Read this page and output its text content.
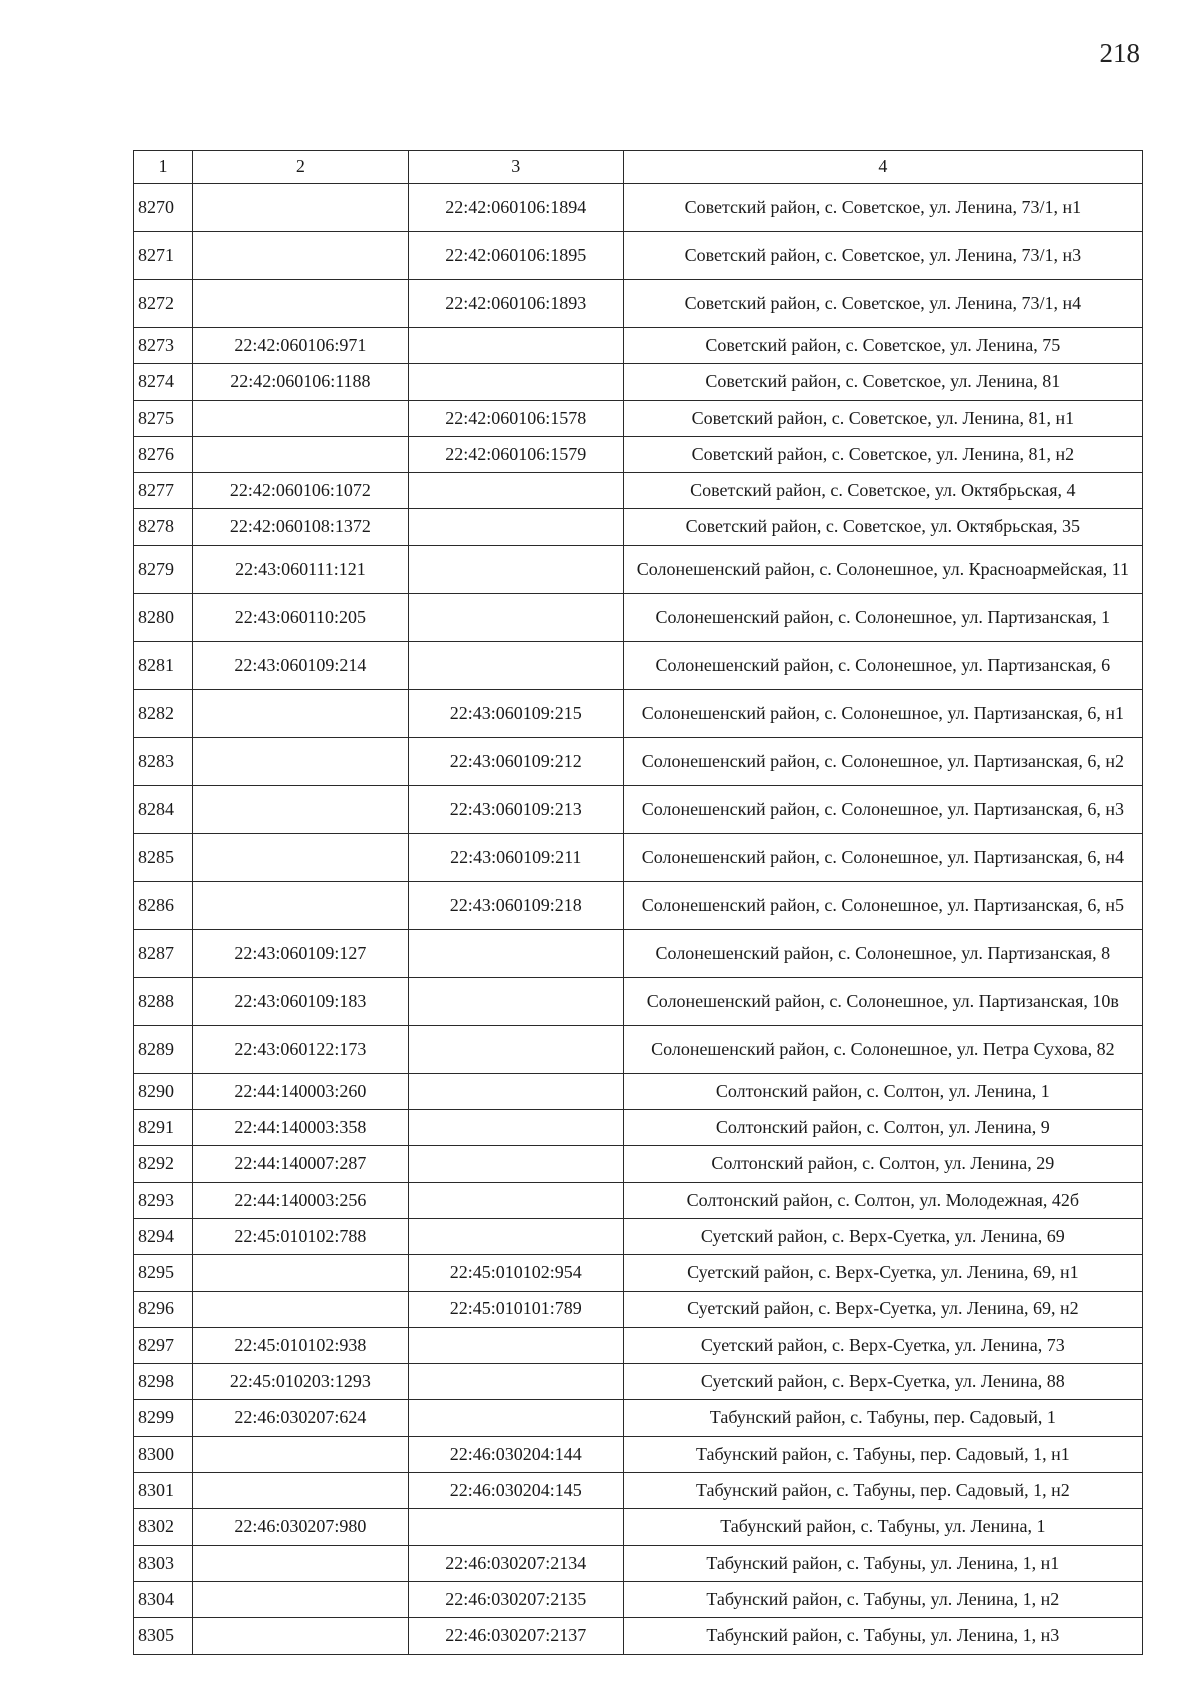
218
1	2	3	4
8270		22:42:060106:1894	Советский район, с. Советское, ул. Ленина, 73/1, н1
8271		22:42:060106:1895	Советский район, с. Советское, ул. Ленина, 73/1, н3
8272		22:42:060106:1893	Советский район, с. Советское, ул. Ленина, 73/1, н4
8273	22:42:060106:971		Советский район, с. Советское, ул. Ленина, 75
8274	22:42:060106:1188		Советский район, с. Советское, ул. Ленина, 81
8275		22:42:060106:1578	Советский район, с. Советское, ул. Ленина, 81, н1
8276		22:42:060106:1579	Советский район, с. Советское, ул. Ленина, 81, н2
8277	22:42:060106:1072		Советский район, с. Советское, ул. Октябрьская, 4
8278	22:42:060108:1372		Советский район, с. Советское, ул. Октябрьская, 35
8279	22:43:060111:121		Солонешенский район, с. Солонешное, ул. Красноармейская, 11
8280	22:43:060110:205		Солонешенский район, с. Солонешное, ул. Партизанская, 1
8281	22:43:060109:214		Солонешенский район, с. Солонешное, ул. Партизанская, 6
8282		22:43:060109:215	Солонешенский район, с. Солонешное, ул. Партизанская, 6, н1
8283		22:43:060109:212	Солонешенский район, с. Солонешное, ул. Партизанская, 6, н2
8284		22:43:060109:213	Солонешенский район, с. Солонешное, ул. Партизанская, 6, н3
8285		22:43:060109:211	Солонешенский район, с. Солонешное, ул. Партизанская, 6, н4
8286		22:43:060109:218	Солонешенский район, с. Солонешное, ул. Партизанская, 6, н5
8287	22:43:060109:127		Солонешенский район, с. Солонешное, ул. Партизанская, 8
8288	22:43:060109:183		Солонешенский район, с. Солонешное, ул. Партизанская, 10в
8289	22:43:060122:173		Солонешенский район, с. Солонешное, ул. Петра Сухова, 82
8290	22:44:140003:260		Солтонский район, с. Солтон, ул. Ленина, 1
8291	22:44:140003:358		Солтонский район, с. Солтон, ул. Ленина, 9
8292	22:44:140007:287		Солтонский район, с. Солтон, ул. Ленина, 29
8293	22:44:140003:256		Солтонский район, с. Солтон, ул. Молодежная, 42б
8294	22:45:010102:788		Суетский район, с. Верх-Суетка, ул. Ленина, 69
8295		22:45:010102:954	Суетский район, с. Верх-Суетка, ул. Ленина, 69, н1
8296		22:45:010101:789	Суетский район, с. Верх-Суетка, ул. Ленина, 69, н2
8297	22:45:010102:938		Суетский район, с. Верх-Суетка, ул. Ленина, 73
8298	22:45:010203:1293		Суетский район, с. Верх-Суетка, ул. Ленина, 88
8299	22:46:030207:624		Табунский район, с. Табуны, пер. Садовый, 1
8300		22:46:030204:144	Табунский район, с. Табуны, пер. Садовый, 1, н1
8301		22:46:030204:145	Табунский район, с. Табуны, пер. Садовый, 1, н2
8302	22:46:030207:980		Табунский район, с. Табуны, ул. Ленина, 1
8303		22:46:030207:2134	Табунский район, с. Табуны, ул. Ленина, 1, н1
8304		22:46:030207:2135	Табунский район, с. Табуны, ул. Ленина, 1, н2
8305		22:46:030207:2137	Табунский район, с. Табуны, ул. Ленина, 1, н3
